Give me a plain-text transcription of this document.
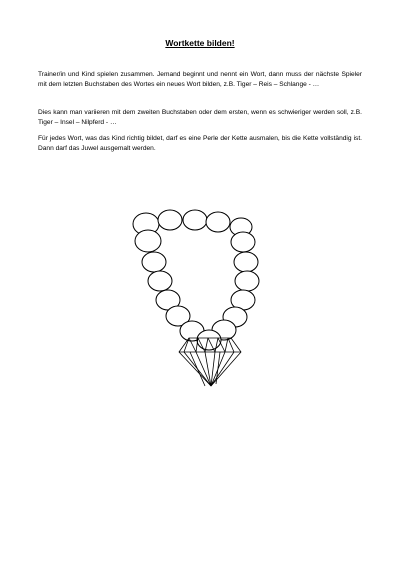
Wortkette bilden!

Trainer/in und Kind spielen zusammen. Jemand beginnt und nennt ein Wort, dann muss der nächste Spieler mit dem letzten Buchstaben des Wortes ein neues Wort bilden, z.B. Tiger – Reis – Schlange - …

Dies kann man variieren mit dem zweiten Buchstaben oder dem ersten, wenn es schwieriger werden soll, z.B. Tiger – Insel – Nilpferd - …

Für jedes Wort, was das Kind richtig bildet, darf es eine Perle der Kette ausmalen, bis die Kette vollständig ist. Dann darf das Juwel ausgemalt werden.
